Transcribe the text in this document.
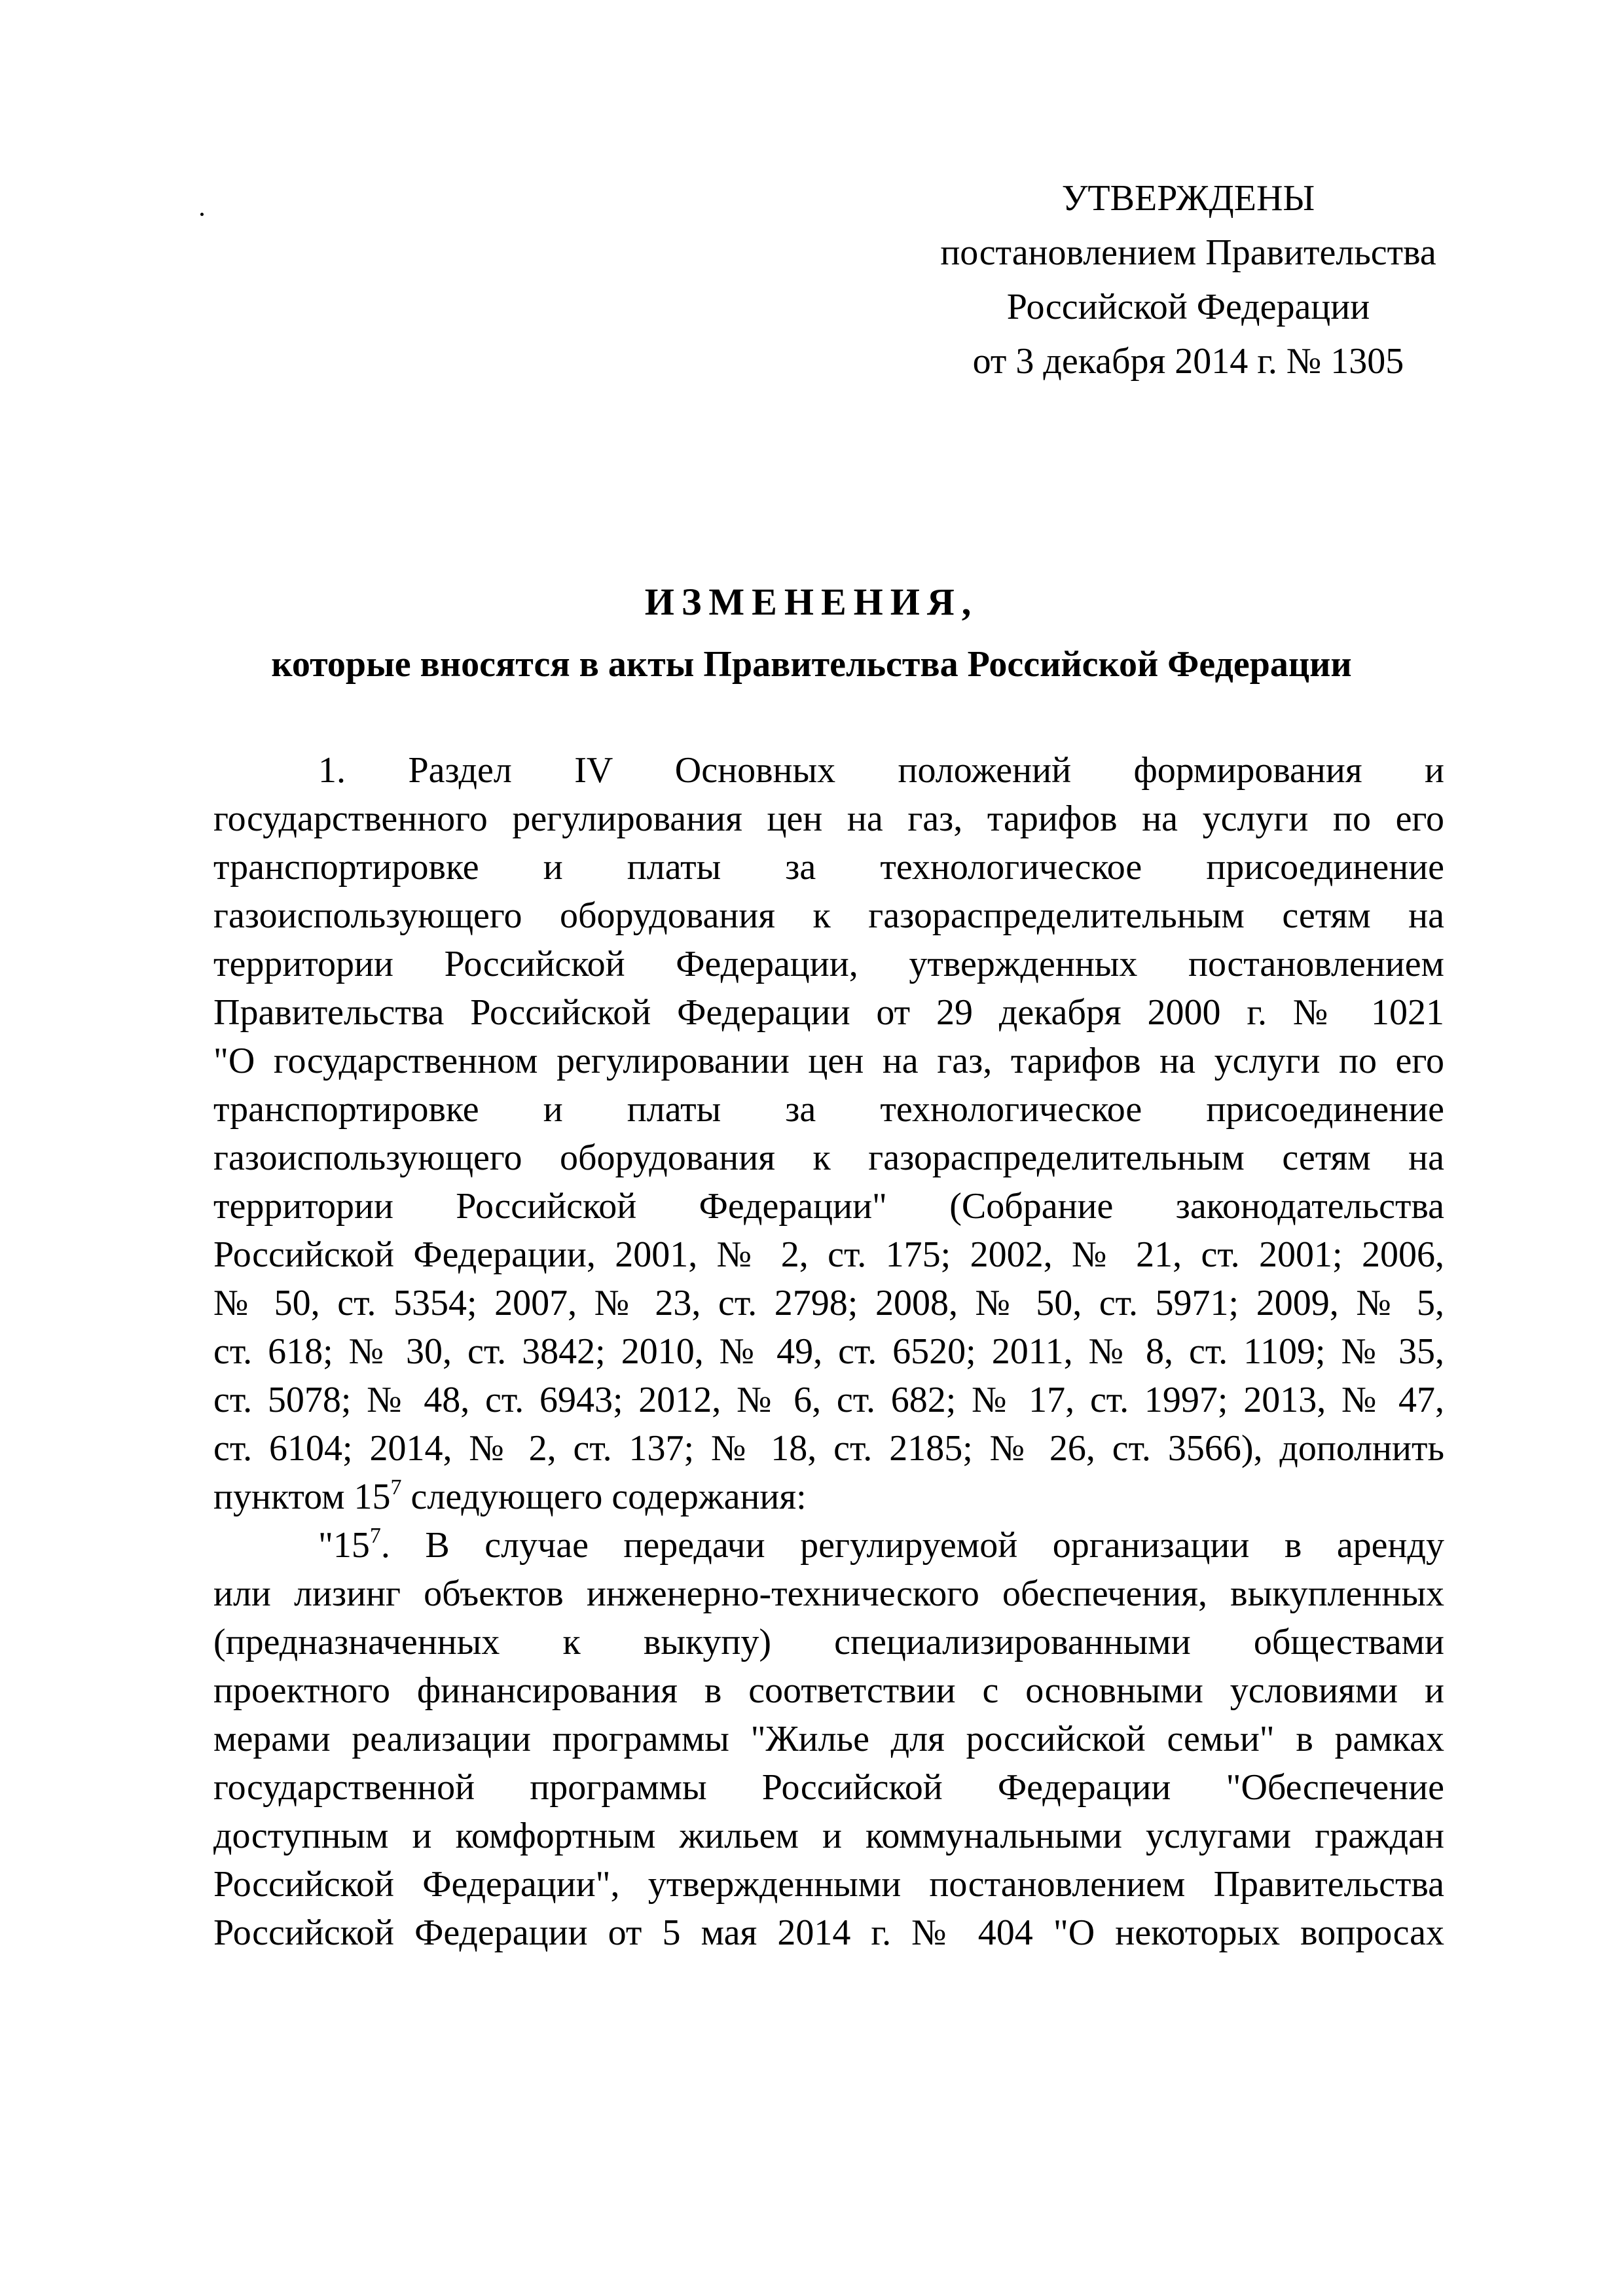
УТВЕРЖДЕНЫ
постановлением Правительства
Российской Федерации
от 3 декабря 2014 г. № 1305
ИЗМЕНЕНИЯ,
которые вносятся в акты Правительства Российской Федерации
1. Раздел IV Основных положений формирования и
государственного регулирования цен на газ, тарифов на услуги по его
транспортировке и платы за технологическое присоединение
газоиспользующего оборудования к газораспределительным сетям на
территории Российской Федерации, утвержденных постановлением
Правительства Российской Федерации от 29 декабря 2000 г. № 1021
"О государственном регулировании цен на газ, тарифов на услуги по его
транспортировке и платы за технологическое присоединение
газоиспользующего оборудования к газораспределительным сетям на
территории Российской Федерации" (Собрание законодательства
Российской Федерации, 2001, № 2, ст. 175; 2002, № 21, ст. 2001; 2006,
№ 50, ст. 5354; 2007, № 23, ст. 2798; 2008, № 50, ст. 5971; 2009, № 5,
ст. 618; № 30, ст. 3842; 2010, № 49, ст. 6520; 2011, № 8, ст. 1109; № 35,
ст. 5078; № 48, ст. 6943; 2012, № 6, ст. 682; № 17, ст. 1997; 2013, № 47,
ст. 6104; 2014, № 2, ст. 137; № 18, ст. 2185; № 26, ст. 3566), дополнить
пунктом $15^7$ следующего содержания:
"$15^7$. В случае передачи регулируемой организации в аренду
или лизинг объектов инженерно-технического обеспечения, выкупленных
(предназначенных к выкупу) специализированными обществами
проектного финансирования в соответствии с основными условиями и
мерами реализации программы "Жилье для российской семьи" в рамках
государственной программы Российской Федерации "Обеспечение
доступным и комфортным жильем и коммунальными услугами граждан
Российской Федерации", утвержденными постановлением Правительства
Российской Федерации от 5 мая 2014 г. № 404 "О некоторых вопросах
